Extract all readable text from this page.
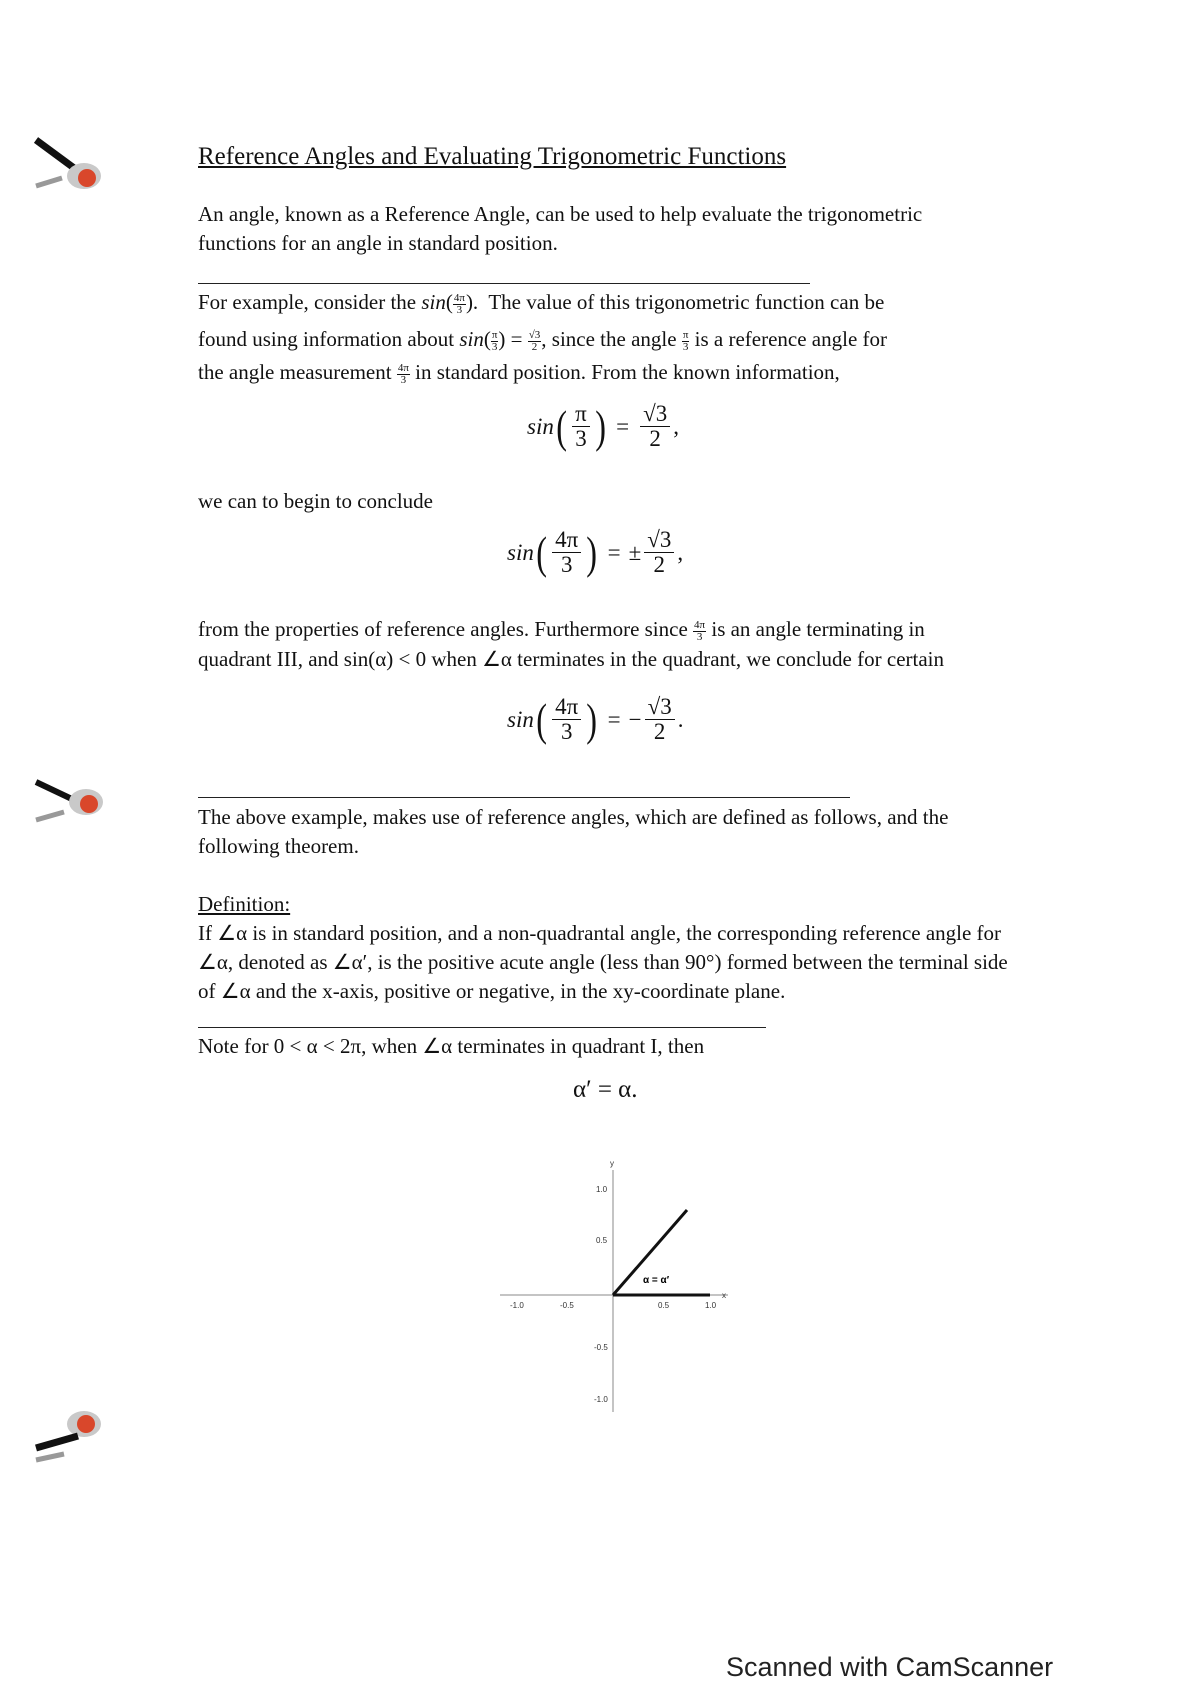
Reference Angles and Evaluating Trigonometric Functions
An angle, known as a Reference Angle, can be used to help evaluate the trigonometric functions for an angle in standard position.
For example, consider the $\sin( \frac{4\pi}{3}$ ).  The value of this trigonometric function can be
found using information about $\sin( \frac{\pi}{3}$ ) = $\frac{√3}{2}$ , since the angle $\frac{\pi}{3}$ is a reference angle for
the angle measurement $\frac{4\pi}{3}$ in standard position. From the known information,
sin ( $\frac{\pi}{3}$ ) = $\frac{√3}{2}$ ,
we can to begin to conclude
sin ( $\frac{4\pi}{3}$ ) = ± $\frac{√3}{2}$ ,
from the properties of reference angles. Furthermore since $\frac{4\pi}{3}$ is an angle terminating in
quadrant III, and sin(α) < 0 when ∠α terminates in the quadrant, we conclude for certain
sin ( $\frac{4\pi}{3}$ ) = − $\frac{√3}{2}$ .
The above example, makes use of reference angles, which are defined as follows, and the following theorem.
Definition:
If ∠α is in standard position, and a non-quadrantal angle, the corresponding reference angle for ∠α, denoted as ∠α′, is the positive acute angle (less than 90°) formed between the terminal side of ∠α and the x-axis, positive or negative, in the xy-coordinate plane.
Note for 0 < α < 2π, when ∠α terminates in quadrant I, then
α′ = α.
-1.0	-0.5	0.5	1.0
x
1.0
0.5
-0.5
-1.0
y
α = α′
Scanned with CamScanner
